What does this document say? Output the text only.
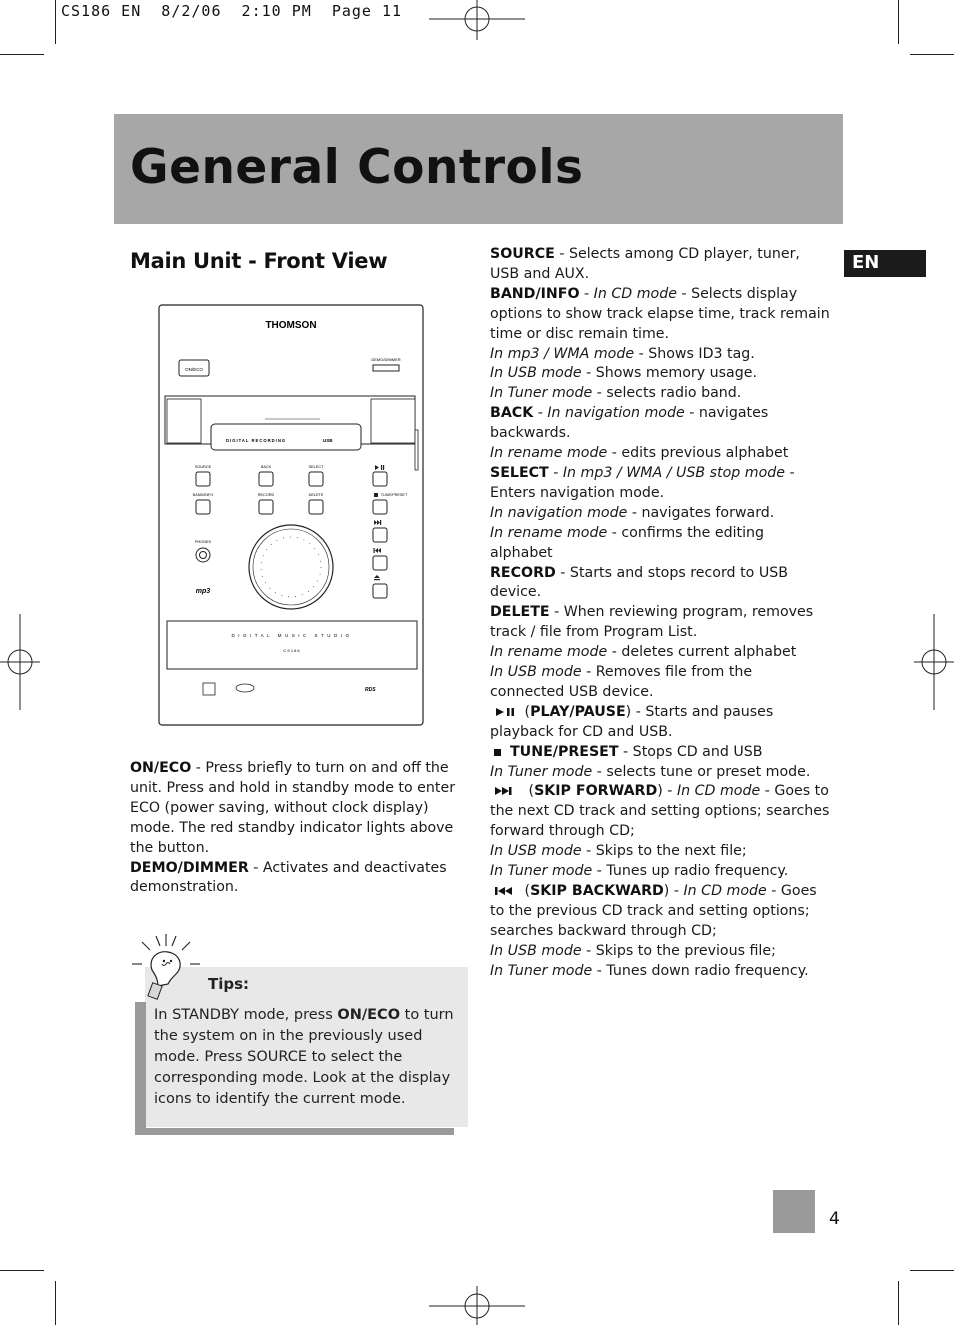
CS186 EN  8/2/06  2:10 PM  Page 11
General Controls
Main Unit - Front View	EN
THOMSON
ON/ECO
DEMO/DIMMER
DIGITAL RECORDING	USB
SOURCE	BACK	SELECT
BAND/INFO	RECORD	DELETE	TUNE/PRESET
PHONES
mp3
DIGITAL MUSIC STUDIO
CS186
RDS
ON/ECO - Press briefly to turn on and off the unit. Press and hold in standby mode to enter ECO (power saving, without clock display) mode. The red standby indicator lights above the button.
DEMO/DIMMER - Activates and deactivates demonstration.
SOURCE - Selects among CD player, tuner, USB and AUX.
BAND/INFO - In CD mode - Selects display options to show track elapse time, track remain time or disc remain time.
In mp3 / WMA mode - Shows ID3 tag.
In USB mode - Shows memory usage.
In Tuner mode - selects radio band.
BACK - In navigation mode - navigates backwards.
In rename mode - edits previous alphabet
SELECT - In mp3 / WMA / USB stop mode - Enters navigation mode.
In navigation mode - navigates forward.
In rename mode - confirms the editing alphabet
RECORD - Starts and stops record to USB device.
DELETE - When reviewing program, removes track / file from Program List.
In rename mode - deletes current alphabet
In USB mode - Removes file from the connected USB device.
(PLAY/PAUSE) - Starts and pauses playback for CD and USB.
TUNE/PRESET - Stops CD and USB
In Tuner mode - selects tune or preset mode.
(SKIP FORWARD) - In CD mode - Goes to the next CD track and setting options; searches forward through CD;
In USB mode - Skips to the next file;
In Tuner mode - Tunes up radio frequency.
(SKIP BACKWARD) - In CD mode - Goes to the previous CD track and setting options; searches backward through CD;
In USB mode - Skips to the previous file;
In Tuner mode - Tunes down radio frequency.
Tips:
In STANDBY mode, press ON/ECO to turn the system on in the previously used mode. Press SOURCE to select the corresponding mode. Look at the display icons to identify the current mode.
4
